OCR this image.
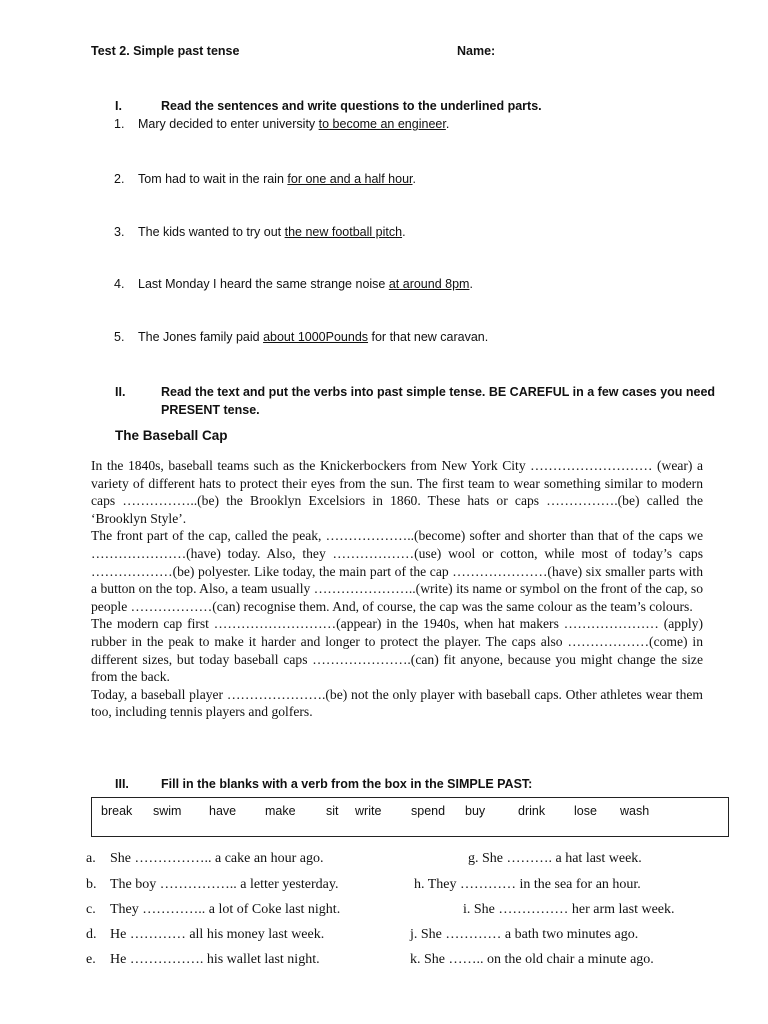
Test 2. Simple past tense	Name:
I.	Read the sentences and write questions to the underlined parts.
1.	Mary decided to enter university to become an engineer.
2.	Tom had to wait in the rain for one and a half hour.
3.	The kids wanted to try out the new football pitch.
4.	Last Monday I heard the same strange noise at around 8pm.
5.	The Jones family paid about 1000Pounds for that new caravan.
II.	Read the text and put the verbs into past simple tense. BE CAREFUL in a few cases you need
PRESENT tense.
The Baseball Cap
In the 1840s, baseball teams such as the Knickerbockers from New York City ……………………… (wear) a variety of different hats to protect their eyes from the sun. The first team to wear something similar to modern caps ……………..(be) the Brooklyn Excelsiors in 1860. These hats or caps …………….(be) called the ‘Brooklyn Style’.
The front part of the cap, called the peak, ………………..(become) softer and shorter than that of the caps we …………………(have) today. Also, they ………………(use) wool or cotton, while most of today’s caps ………………(be) polyester. Like today, the main part of the cap …………………(have) six smaller parts with a button on the top. Also, a team usually …………………..(write) its name or symbol on the front of the cap, so people ………………(can) recognise them. And, of course, the cap was the same colour as the team’s colours.
The modern cap first ………………………(appear) in the 1940s, when hat makers ………………… (apply) rubber in the peak to make it harder and longer to protect the player. The caps also ………………(come) in different sizes, but today baseball caps ………………….(can) fit anyone, because you might change the size from the back.
Today, a baseball player ………………….(be) not the only player with baseball caps. Other athletes wear them too, including tennis players and golfers.
III.	Fill in the blanks with a verb from the box in the SIMPLE PAST:
break swim have make sit write spend buy	drink lose wash
a. She …………….. a cake an hour ago.
b. The boy …………….. a letter yesterday.
c. They ………….. a lot of Coke last night.
d. He ………… all his money last week.
e. He ……………. his wallet last night.
g. She ………. a hat last week.
h. They ………… in the sea for an hour.
i. She …………… her arm last week.
j. She ………… a bath two minutes ago.
k. She …….. on the old chair a minute ago.
